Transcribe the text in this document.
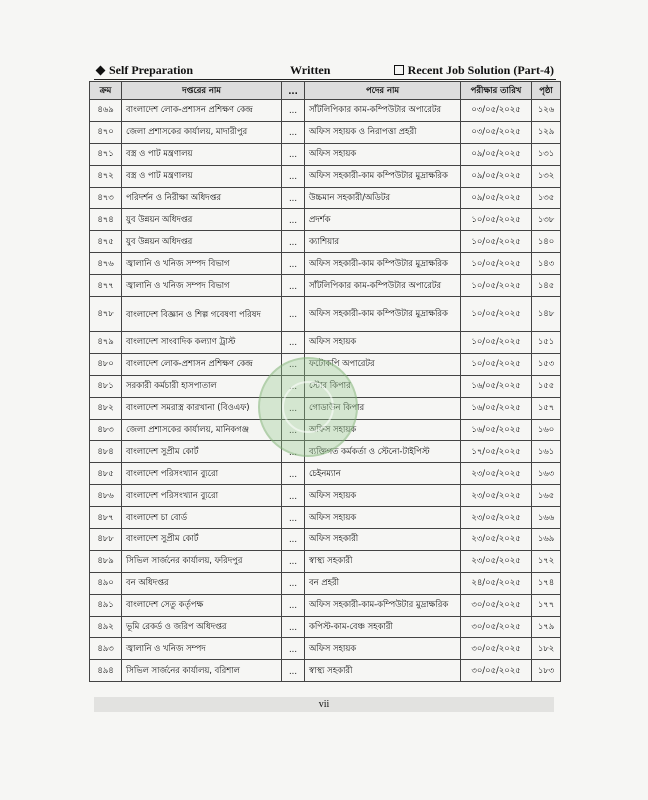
Self Preparation	Written	Recent Job Solution (Part-4)
ক্রম	দপ্তরের নাম	...	পদের নাম	পরীক্ষার তারিখ	পৃষ্ঠা
৪৬৯	বাংলাদেশ লোক-প্রশাসন প্রশিক্ষণ কেন্দ্র	...	সাঁটলিপিকার কাম-কম্পিউটার অপারেটর	০৩/০৫/২০২৫	১২৬
৪৭০	জেলা প্রশাসকের কার্যালয়, মাদারীপুর	...	অফিস সহায়ক ও নিরাপত্তা প্রহরী	০৩/০৫/২০২৫	১২৯
৪৭১	বস্ত্র ও পাট মন্ত্রণালয়	...	অফিস সহায়ক	০৯/০৫/২০২৫	১৩১
৪৭২	বস্ত্র ও পাট মন্ত্রণালয়	...	অফিস সহকারী-কাম কম্পিউটার মুদ্রাক্ষরিক	০৯/০৫/২০২৫	১৩২
৪৭৩	পরিদর্শন ও নিরীক্ষা অধিদপ্তর	...	উচ্চমান সহকারী/অডিটর	০৯/০৫/২০২৫	১৩৫
৪৭৪	যুব উন্নয়ন অধিদপ্তর	...	প্রদর্শক	১০/০৫/২০২৫	১৩৮
৪৭৫	যুব উন্নয়ন অধিদপ্তর	...	ক্যাশিয়ার	১০/০৫/২০২৫	১৪০
৪৭৬	জ্বালানি ও খনিজ সম্পদ বিভাগ	...	অফিস সহকারী-কাম কম্পিউটার মুদ্রাক্ষরিক	১০/০৫/২০২৫	১৪৩
৪৭৭	জ্বালানি ও খনিজ সম্পদ বিভাগ	...	সাঁটলিপিকার কাম-কম্পিউটার অপারেটর	১০/০৫/২০২৫	১৪৫
৪৭৮	বাংলাদেশ বিজ্ঞান ও শিল্প গবেষণা পরিষদ	...	অফিস সহকারী-কাম কম্পিউটার মুদ্রাক্ষরিক	১০/০৫/২০২৫	১৪৮
৪৭৯	বাংলাদেশ সাংবাদিক কল্যাণ ট্রাস্ট	...	অফিস সহায়ক	১০/০৫/২০২৫	১৫১
৪৮০	বাংলাদেশ লোক-প্রশাসন প্রশিক্ষণ কেন্দ্র	...	ফটোকপি অপারেটর	১০/০৫/২০২৫	১৫৩
৪৮১	সরকারী কর্মচারী হাসপাতাল	...	স্টোর কিপার	১৬/০৫/২০২৫	১৫৫
৪৮২	বাংলাদেশ সমরাস্ত্র কারখানা (বিওএফ)	...	গোডাউন কিপার	১৬/০৫/২০২৫	১৫৭
৪৮৩	জেলা প্রশাসকের কার্যালয়, মানিকগঞ্জ	...	অফিস সহায়ক	১৬/০৫/২০২৫	১৬০
৪৮৪	বাংলাদেশ সুপ্রীম কোর্ট	...	ব্যক্তিগত কর্মকর্তা ও স্টেনো-টাইপিস্ট	১৭/০৫/২০২৫	১৬১
৪৮৫	বাংলাদেশ পরিসংখ্যান ব্যুরো	...	চেইনম্যান	২৩/০৫/২০২৫	১৬৩
৪৮৬	বাংলাদেশ পরিসংখ্যান ব্যুরো	...	অফিস সহায়ক	২৩/০৫/২০২৫	১৬৫
৪৮৭	বাংলাদেশ চা বোর্ড	...	অফিস সহায়ক	২৩/০৫/২০২৫	১৬৬
৪৮৮	বাংলাদেশ সুপ্রীম কোর্ট	...	অফিস সহকারী	২৩/০৫/২০২৫	১৬৯
৪৮৯	সিভিল সার্জনের কার্যালয়, ফরিদপুর	...	স্বাস্থ্য সহকারী	২৩/০৫/২০২৫	১৭২
৪৯০	বন অধিদপ্তর	...	বন প্রহরী	২৪/০৫/২০২৫	১৭৪
৪৯১	বাংলাদেশ সেতু কর্তৃপক্ষ	...	অফিস সহকারী-কাম-কম্পিউটার মুদ্রাক্ষরিক	৩০/০৫/২০২৫	১৭৭
৪৯২	ভূমি রেকর্ড ও জরিপ অধিদপ্তর	...	কপিস্ট-কাম-বেঞ্চ সহকারী	৩০/০৫/২০২৫	১৭৯
৪৯৩	জ্বালানি ও খনিজ সম্পদ	...	অফিস সহায়ক	৩০/০৫/২০২৫	১৮২
৪৯৪	সিভিল সার্জনের কার্যালয়, বরিশাল	...	স্বাস্থ্য সহকারী	৩০/০৫/২০২৫	১৮৩
vii
